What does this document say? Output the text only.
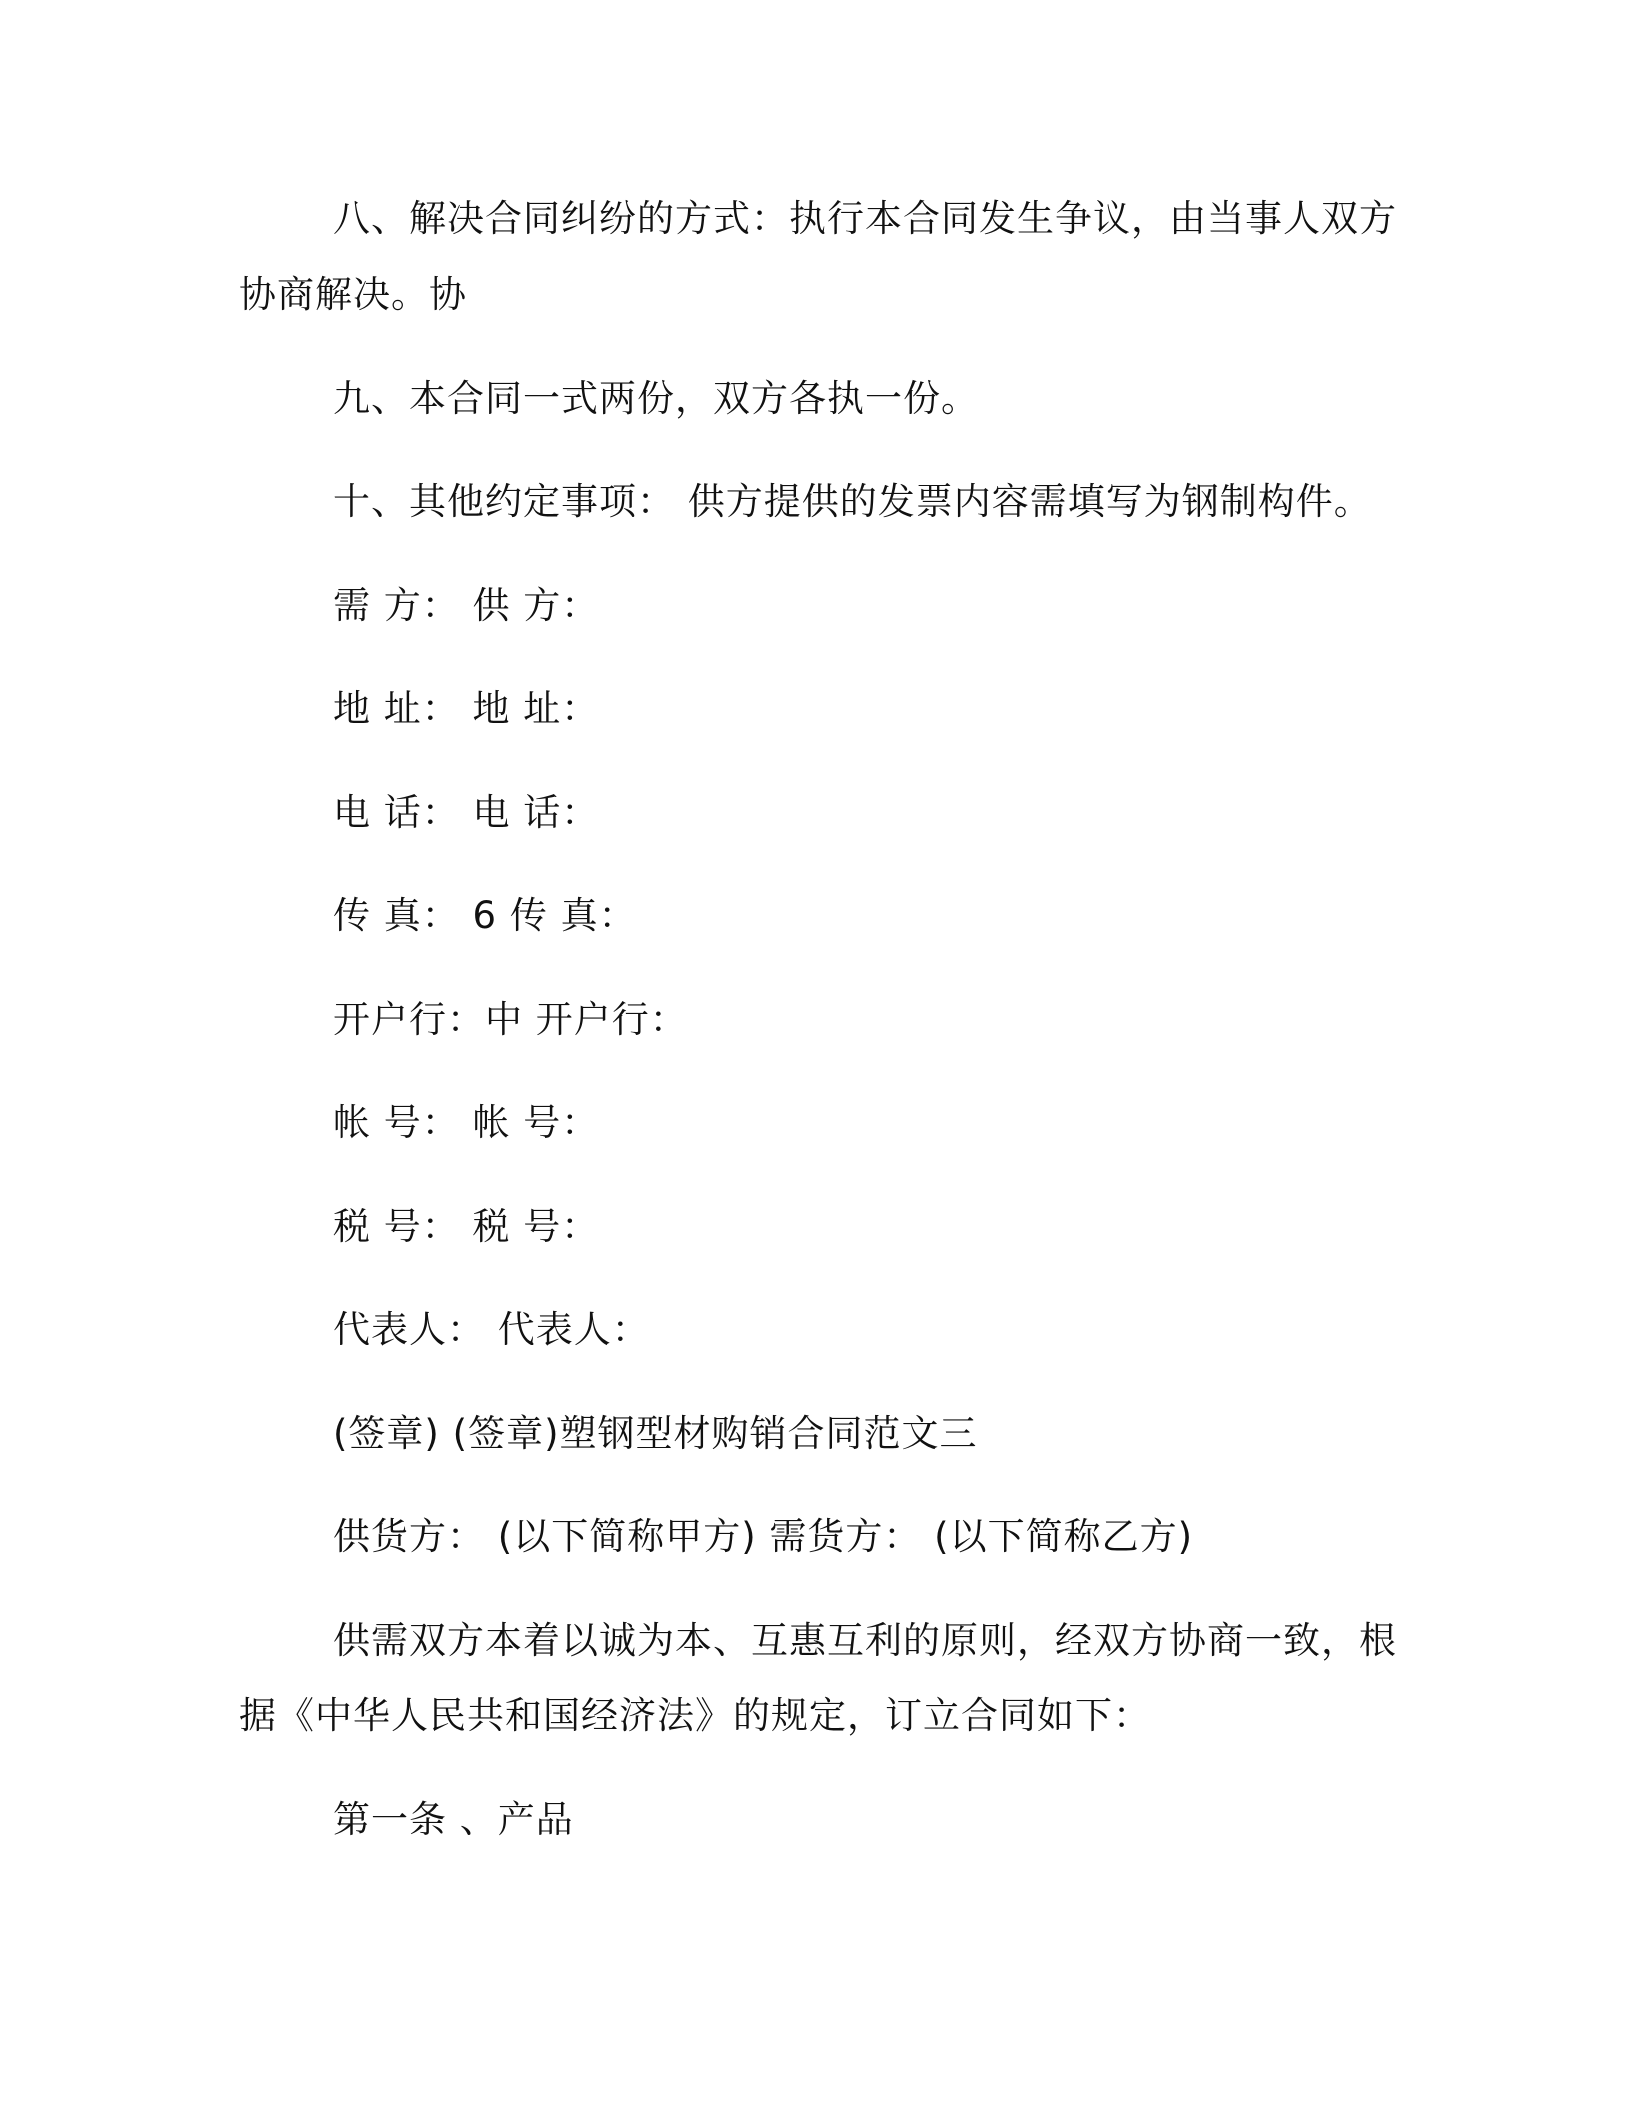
八、解决合同纠纷的方式：执行本合同发生争议，由当事人双方
协商解决。协
九、本合同一式两份，双方各执一份。
十、其他约定事项： 供方提供的发票内容需填写为钢制构件。
需 方： 供 方：
地 址： 地 址：
电 话： 电 话：
传 真： 6 传 真：
开户行：中 开户行：
帐 号： 帐 号：
税 号： 税 号：
代表人： 代表人：
(签章) (签章)塑钢型材购销合同范文三
供货方： (以下简称甲方) 需货方： (以下简称乙方)
供需双方本着以诚为本、互惠互利的原则，经双方协商一致，根
据《中华人民共和国经济法》的规定，订立合同如下：
第一条 、产品
